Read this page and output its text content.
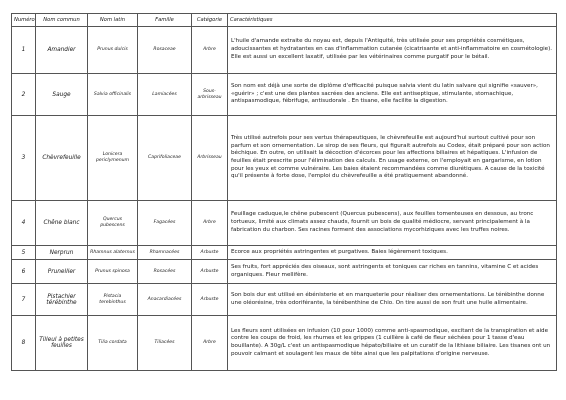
Numéro	Nom commun	Nom latin	Famille	Catégorie	Caractéristiques
1	Amandier	Prunus dulcis	Rosaceae	Arbre	L'huile d'amande extraite du noyau est, depuis l'Antiquité, très utilisée pour ses propriétés cosmétiques, adoucissantes et hydratantes en cas d'inflammation cutanée (cicatrisante et anti-inflammatoire en cosmétologie). Elle est aussi un excellent laxatif, utilisée par les vétérinaires comme purgatif pour le bétail.
2	Sauge	Salvia officinalis	Lamiacées	Sous-arbrisseau	Son nom est déjà une sorte de diplôme d'efficacité puisque salvia vient du latin salvare qui signifie «sauver», «guérir» ; c'est une des plantes sacrées des anciens. Elle est antiseptique, stimulante, stomachique, antispasmodique, fébrifuge, antisudorale . En tisane, elle facilite la digestion.
3	Chèvrefeuille	Lonicera periclymenum	Caprifoliaceae	Arbrisseau	Très utilisé autrefois pour ses vertus thérapeutiques, le chèvrefeuille est aujourd'hui surtout cultivé pour son parfum et son ornementation. Le sirop de ses fleurs, qui figurait autrefois au Codex, était préparé pour son action béchique. En outre, on utilisait la décoction d'écorces pour les affections biliaires et hépatiques. L'infusion de feuilles était prescrite pour l'élimination des calculs. En usage externe, on l'employait en gargarisme, en lotion pour les yeux et comme vulnéraire. Les baies étaient recommandées comme diurétiques. A cause de la toxicité qu'il présente à forte dose, l'emploi du chèvrefeuille a été pratiquement abandonné.
4	Chêne blanc	Quercus pubescens	Fagacées	Arbre	Feuillage caduque,le chêne pubescent (Quercus pubescens), aux feuilles tomenteuses en dessous, au tronc tortueux, limité aux climats assez chauds, fournit un bois de qualité médiocre, servant principalement à la fabrication du charbon. Ses racines forment des associations mycorhiziques avec les truffes noires.
5	Nerprun	Rhamnus alaternus	Rhamnacées	Arbuste	Ecorce aux propriétés astringentes et purgatives. Baies légèrement toxiques.
6	Prunellier	Prunus spinosa	Rosacées	Arbuste	Ses fruits, fort appréciés des oiseaux, sont astringents et toniques car riches en tannins, vitamine C et acides organiques. Fleur mellifère.
7	Pistachier térébinthe	Pistacia terebinthus	Anacardiacées	Arbuste	Son bois dur est utilisé en ébénisterie et en marqueterie pour réaliser des ornementations. Le térébinthe donne une oléorésine, très odoriférante, la térébenthine de Chio. On tire aussi de son fruit une huile alimentaire.
8	Tilleul à petites feuilles	Tilia cordata	Tiliacées	Arbre	Les fleurs sont utilisées en infusion (10 pour 1000) comme anti-spasmodique, excitant de la transpiration et aide contre les coups de froid, les rhumes et les grippes (1 cuillère à café de fleur séchées pour 1 tasse d'eau bouillante). A 30g/L c'est un antispasmodique hépato/biliaire et un curatif de la lithiase biliaire. Les tisanes ont un pouvoir calmant et soulagent les maux de tête ainsi que les palpitations d'origine nerveuse.
